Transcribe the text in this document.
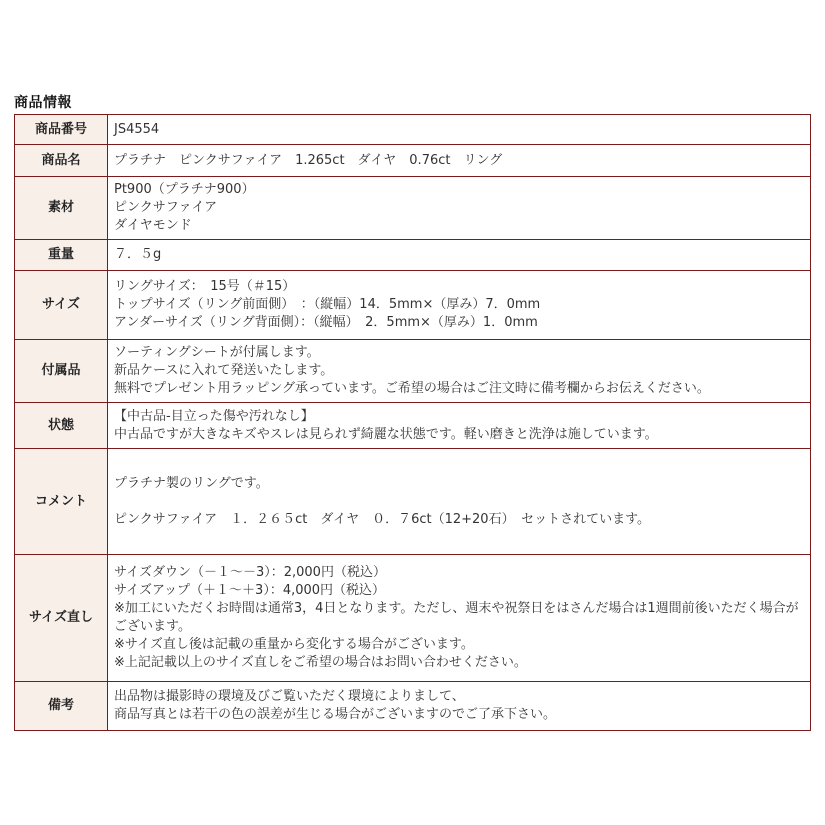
商品情報
商品番号	JS4554

商品名	プラチナ　ピンクサファイア　1.265ct　ダイヤ　0.76ct　リング

素材	Pt900（プラチナ900）
ピンクサファイア
ダイヤモンド

重量	７．５g

サイズ	リングサイズ：　15号（＃15）
トップサイズ（リング前面側）　：（縦幅）14．5mm×（厚み）7．0mm
アンダーサイズ（リング背面側）：（縦幅）　2．5mm×（厚み）1．0mm

付属品	ソーティングシートが付属します。
新品ケースに入れて発送いたします。
無料でプレゼント用ラッピング承っています。ご希望の場合はご注文時に備考欄からお伝えください。

状態	【中古品-目立った傷や汚れなし】
中古品ですが大きなキズやスレは見られず綺麗な状態です。軽い磨きと洗浄は施しています。

コメント	プラチナ製のリングです。
ピンクサファイア　１．２６５ct　ダイヤ　０．７6ct（12+20石）　セットされています。

サイズ直し	サイズダウン（－１～－3）：2,000円（税込）
サイズアップ（＋１～＋3）：4,000円（税込）
※加工にいただくお時間は通常3，4日となります。ただし、週末や祝祭日をはさんだ場合は1週間前後いただく場合がございます。
※サイズ直し後は記載の重量から変化する場合がございます。
※上記記載以上のサイズ直しをご希望の場合はお問い合わせください。

備考	出品物は撮影時の環境及びご覧いただく環境によりまして、
商品写真とは若干の色の誤差が生じる場合がございますのでご了承下さい。
